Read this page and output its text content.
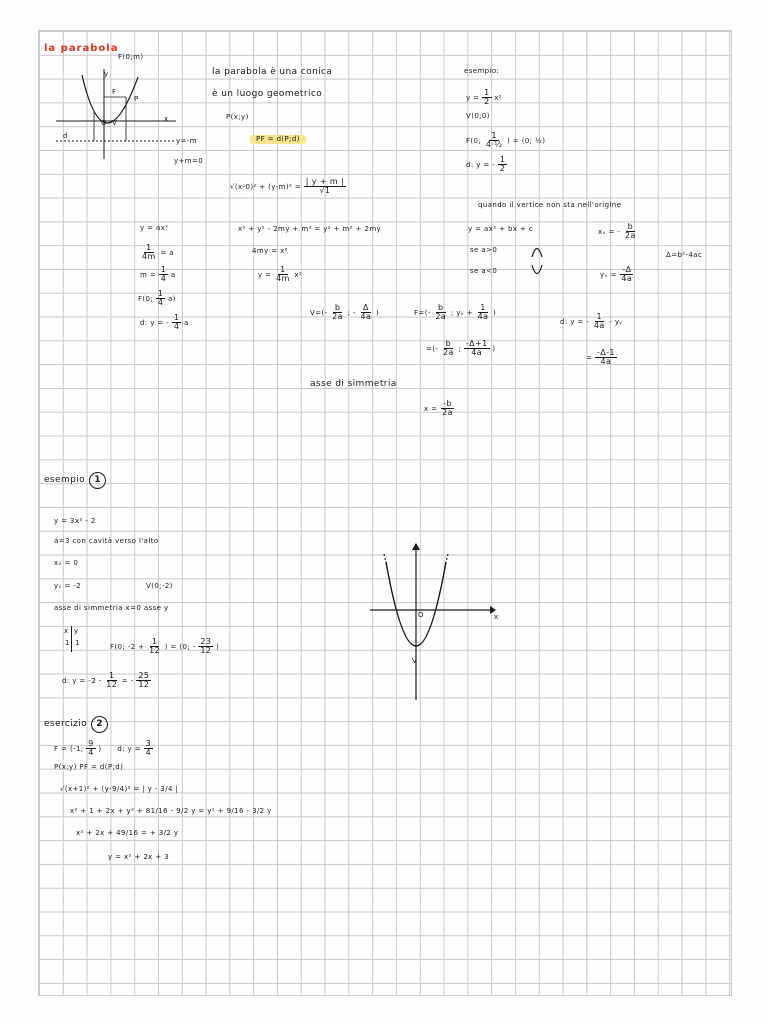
la parabola
F(0;m)
y
x
F
P
O V
d
y=-m
la parabola è una conica
è un luogo geometrico
P(x;y)
PF = d(P;d)
y+m=0
$√(x-0)^2 + (y-m)^2 = \frac{| y + m |}{√1}$
esempio:
$y = \frac{1}{2} x^2$
V(0;0)
F(0; $\frac{1}{\text{4·½}}$ ) = (0; ½)
d: y = - $\frac{1}{2}$
quando il vertice non sta nell'origine
y = ax² + bx + c
se a>0
se a<0
xᵥ = - $\frac{b}{2a}$
Δ=b²-4ac
yᵥ = $\frac{-\Delta}{4a}$
y = ax²
$\frac{1}{4m} = a$
$m = \frac{1}{4}$ a
F(0; $\frac{1}{4} a$)
d: y = - $\frac{1}{4}$ a
x² + y² - 2my + m² = y² + m² + 2my
4my = x²
$y = \frac{1}{4m} x^2$
$V=(- \frac{b}{2a}$ ; - $\frac{\Delta}{4a}$ )	$F=(- \frac{b}{2a}$ ; yᵥ + $\frac{1}{4a}$ )
=(- $\frac{b}{2a}$ ; $\frac{-\Delta+1}{4a}$ )
d: y = - $\frac{1}{4a}$ - yᵥ
= $\frac{-\Delta-1}{4a}$
asse di simmetria
$x = \frac{-b}{2a}$
esempio 1
y = 3x² - 2
a=3 con cavità verso l'alto
xᵥ = 0
yᵥ = -2	V(0;-2)
asse di simmetria x=0 asse y
x y
1 1	F(0; $-2 + \frac{1}{12}$ ) = (0; - $\frac{23}{12}$ )
d: $y = -2 - \frac{1}{12}$ = - $\frac{25}{12}$
x
V
O
esercizio 2
F = (-1; $\frac{9}{4}$ ) d: $y = \frac{3}{4}$
P(x;y) PF = d(P;d)
√(x+1)² + (y-9/4)² = | y - 3/4 |
x² + 1 + 2x + y² + 81/16 - 9/2 y = y² + 9/16 - 3/2 y
x² + 2x + 49/16 = + 3/2 y
y = x² + 2x + 3
